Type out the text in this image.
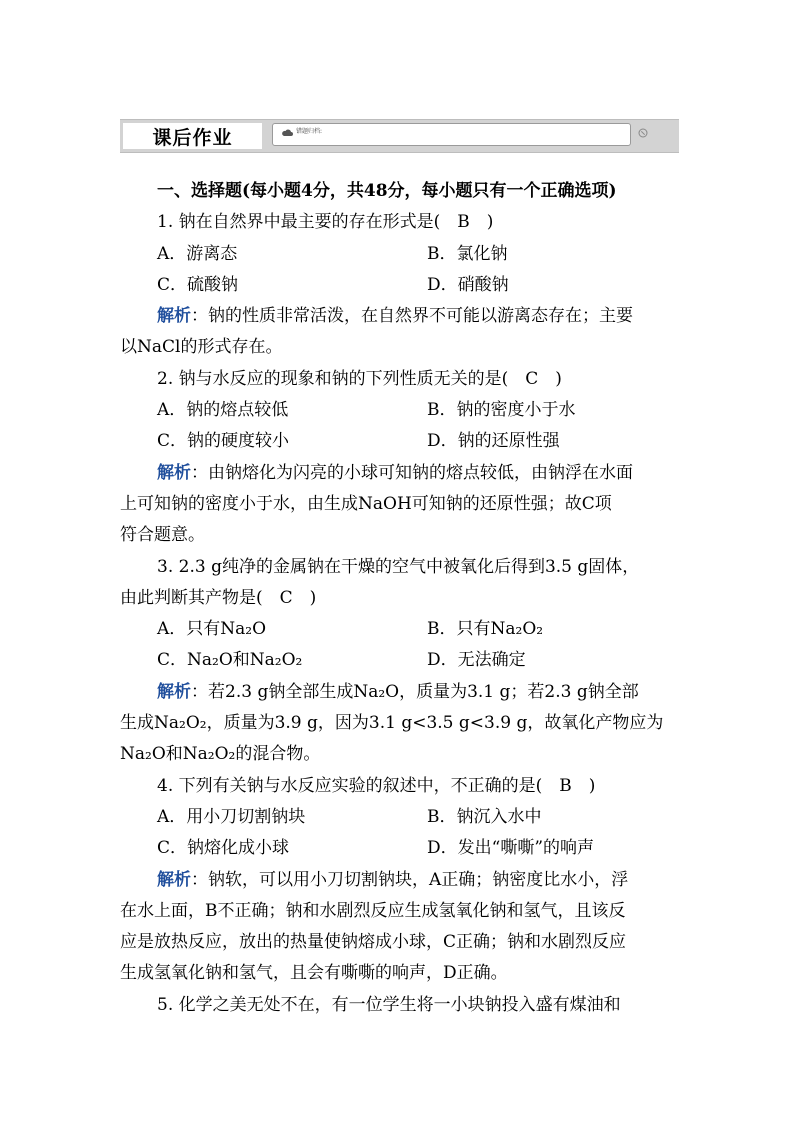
课后作业	错题归档:
一、选择题(每小题4分，共48分，每小题只有一个正确选项)
1. 钠在自然界中最主要的存在形式是(　B　)
A．游离态	B．氯化钠
C．硫酸钠	D．硝酸钠
解析：钠的性质非常活泼，在自然界不可能以游离态存在；主要
以NaCl的形式存在。
2. 钠与水反应的现象和钠的下列性质无关的是(　C　)
A．钠的熔点较低	B．钠的密度小于水
C．钠的硬度较小	D．钠的还原性强
解析：由钠熔化为闪亮的小球可知钠的熔点较低，由钠浮在水面
上可知钠的密度小于水，由生成NaOH可知钠的还原性强；故C项
符合题意。
3. 2.3 g纯净的金属钠在干燥的空气中被氧化后得到3.5 g固体，
由此判断其产物是(　C　)
A．只有Na₂O	B．只有Na₂O₂
C．Na₂O和Na₂O₂	D．无法确定
解析：若2.3 g钠全部生成Na₂O，质量为3.1 g；若2.3 g钠全部
生成Na₂O₂，质量为3.9 g，因为3.1 g<3.5 g<3.9 g，故氧化产物应为
Na₂O和Na₂O₂的混合物。
4. 下列有关钠与水反应实验的叙述中，不正确的是(　B　)
A．用小刀切割钠块	B．钠沉入水中
C．钠熔化成小球	D．发出“嘶嘶”的响声
解析：钠软，可以用小刀切割钠块，A正确；钠密度比水小，浮
在水上面，B不正确；钠和水剧烈反应生成氢氧化钠和氢气，且该反
应是放热反应，放出的热量使钠熔成小球，C正确；钠和水剧烈反应
生成氢氧化钠和氢气，且会有嘶嘶的响声，D正确。
5. 化学之美无处不在，有一位学生将一小块钠投入盛有煤油和
